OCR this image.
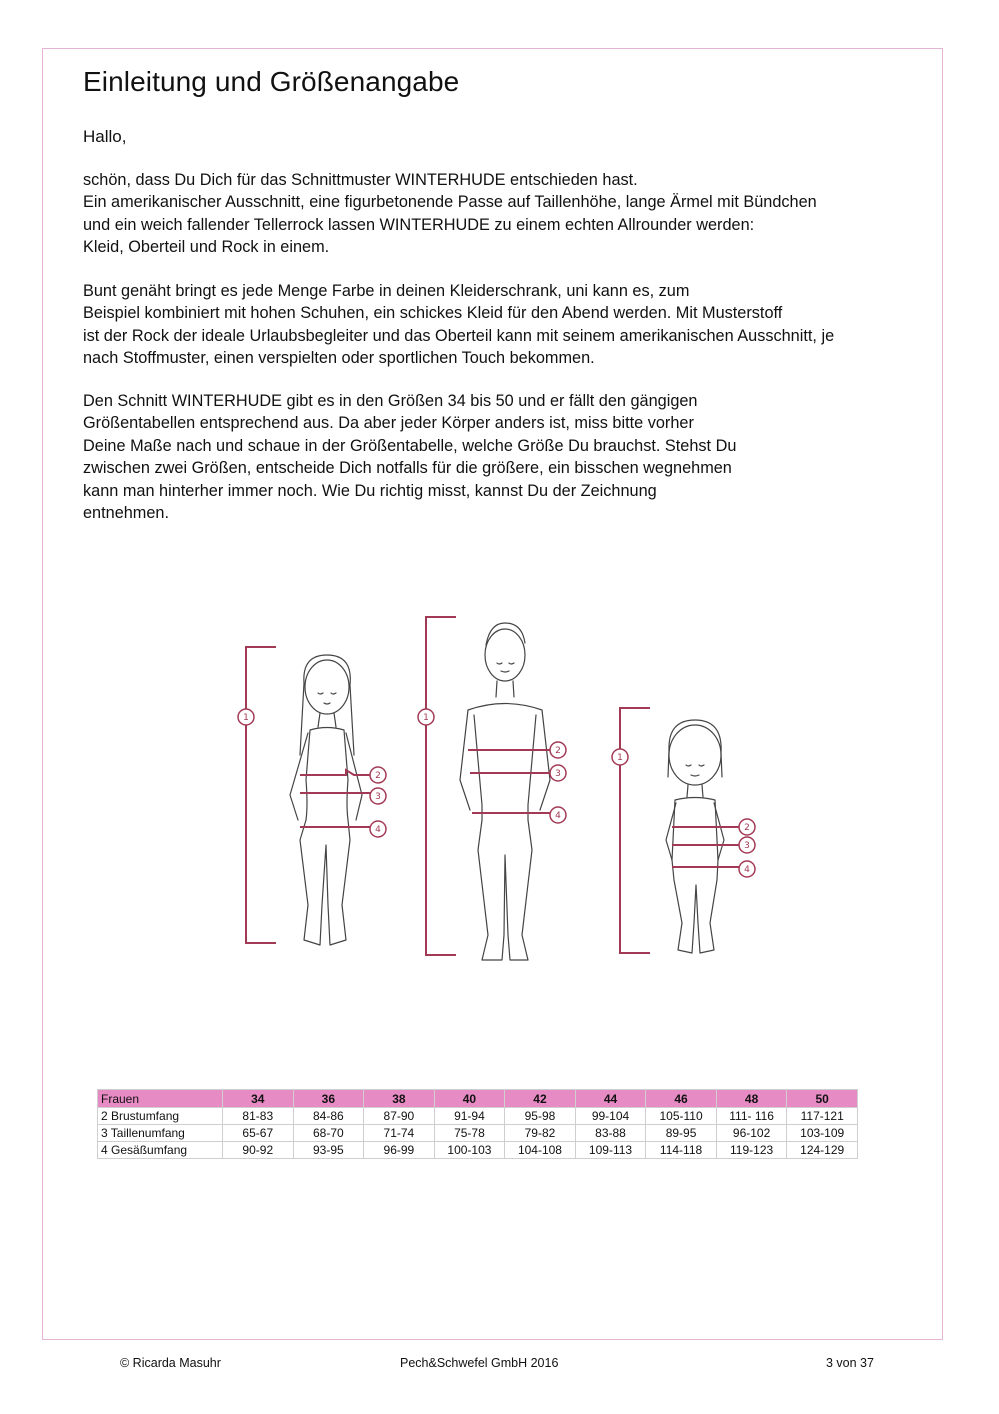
Einleitung und Größenangabe

Hallo,

schön, dass Du Dich für das Schnittmuster WINTERHUDE entschieden hast.
Ein amerikanischer Ausschnitt, eine figurbetonende Passe auf Taillenhöhe, lange Ärmel mit Bündchen
und ein weich fallender Tellerrock lassen WINTERHUDE zu einem echten Allrounder werden:
Kleid, Oberteil und Rock in einem.
Bunt genäht bringt es jede Menge Farbe in deinen Kleiderschrank, uni kann es, zum
Beispiel kombiniert mit hohen Schuhen, ein schickes Kleid für den Abend werden. Mit Musterstoff
ist der Rock der ideale Urlaubsbegleiter und das Oberteil kann mit seinem amerikanischen Ausschnitt, je
nach Stoffmuster, einen verspielten oder sportlichen Touch bekommen.
Den Schnitt WINTERHUDE gibt es in den Größen 34 bis 50 und er fällt den gängigen
Größentabellen entsprechend aus. Da aber jeder Körper anders ist, miss bitte vorher
Deine Maße nach und schaue in der Größentabelle, welche Größe Du brauchst. Stehst Du
zwischen zwei Größen, entscheide Dich notfalls für die größere, ein bisschen wegnehmen
kann man hinterher immer noch. Wie Du richtig misst, kannst Du der Zeichnung
entnehmen.
1
2
3
4
1
2
3
4
1
2
3
4
Frauen	34	36	38	40	42	44	46	48	50
2 Brustumfang	81-83	84-86	87-90	91-94	95-98	99-104	105-110	111- 116	117-121
3 Taillenumfang	65-67	68-70	71-74	75-78	79-82	83-88	89-95	96-102	103-109
4 Gesäßumfang	90-92	93-95	96-99	100-103	104-108	109-113	114-118	119-123	124-129
© Ricarda Masuhr	Pech&Schwefel GmbH 2016	3 von 37
